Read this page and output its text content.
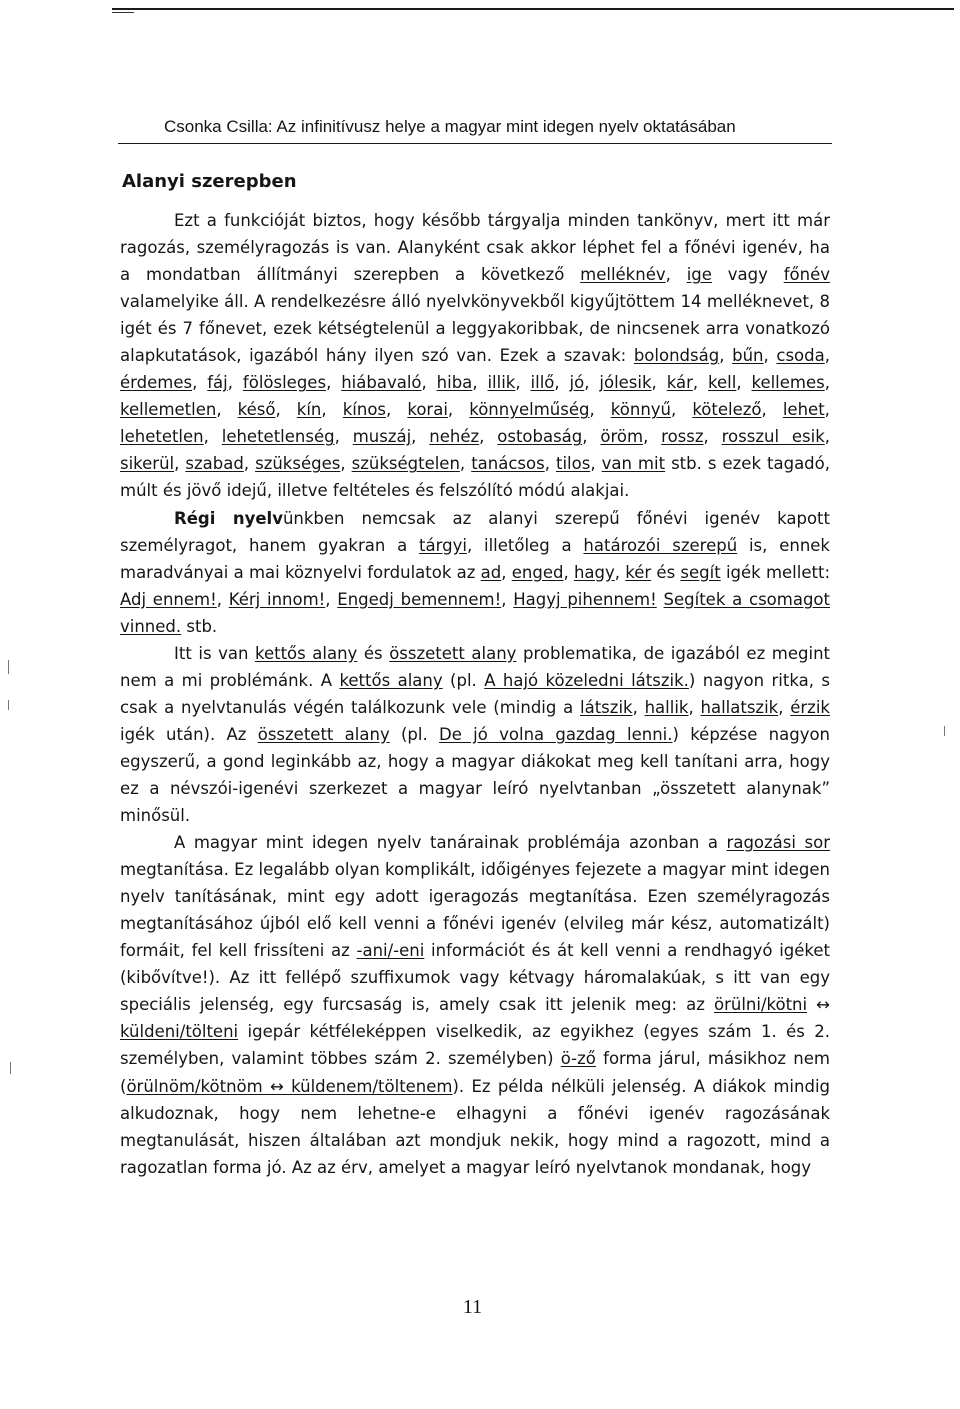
Csonka Csilla: Az infinitívusz helye a magyar mint idegen nyelv oktatásában
Alanyi szerepben

Ezt a funkcióját biztos, hogy később tárgyalja minden tankönyv, mert itt már ragozás, személyragozás is van. Alanyként csak akkor léphet fel a főnévi igenév, ha a mondatban állítmányi szerepben a következő melléknév, ige vagy főnév valamelyike áll. A rendelkezésre álló nyelvkönyvekből kigyűjtöttem 14 melléknevet, 8 igét és 7 főnevet, ezek kétségtelenül a leggyakoribbak, de nincsenek arra vonatkozó alapkutatások, igazából hány ilyen szó van. Ezek a szavak: bolondság, bűn, csoda, érdemes, fáj, fölösleges, hiábavaló, hiba, illik, illő, jó, jólesik, kár, kell, kellemes, kellemetlen, késő, kín, kínos, korai, könnyelműség, könnyű, kötelező, lehet, lehetetlen, lehetetlenség, muszáj, nehéz, ostobaság, öröm, rossz, rosszul esik, sikerül, szabad, szükséges, szükségtelen, tanácsos, tilos, van mit stb. s ezek tagadó, múlt és jövő idejű, illetve feltételes és felszólító módú alakjai.

Régi nyelvünkben nemcsak az alanyi szerepű főnévi igenév kapott személyragot, hanem gyakran a tárgyi, illetőleg a határozói szerepű is, ennek maradványai a mai köznyelvi fordulatok az ad, enged, hagy, kér és segít igék mellett: Adj ennem!, Kérj innom!, Engedj bemennem!, Hagyj pihennem! Segítek a csomagot vinned. stb.

Itt is van kettős alany és összetett alany problematika, de igazából ez megint nem a mi problémánk. A kettős alany (pl. A hajó közeledni látszik.) nagyon ritka, s csak a nyelvtanulás végén találkozunk vele (mindig a látszik, hallik, hallatszik, érzik igék után). Az összetett alany (pl. De jó volna gazdag lenni.) képzése nagyon egyszerű, a gond leginkább az, hogy a magyar diákokat meg kell tanítani arra, hogy ez a névszói-igenévi szerkezet a magyar leíró nyelvtanban „összetett alanynak” minősül.

A magyar mint idegen nyelv tanárainak problémája azonban a ragozási sor megtanítása. Ez legalább olyan komplikált, időigényes fejezete a magyar mint idegen nyelv tanításának, mint egy adott igeragozás megtanítása. Ezen személyragozás megtanításához újból elő kell venni a főnévi igenév (elvileg már kész, automatizált) formáit, fel kell frissíteni az -ani/-eni információt és át kell venni a rendhagyó igéket (kibővítve!). Az itt fellépő szuffixumok vagy kétvagy háromalakúak, s itt van egy speciális jelenség, egy furcsaság is, amely csak itt jelenik meg: az örülni/kötni ↔ küldeni/tölteni igepár kétféleképpen viselkedik, az egyikhez (egyes szám 1. és 2. személyben, valamint többes szám 2. személyben) ö-ző forma járul, másikhoz nem (örülnöm/kötnöm ↔ küldenem/töltenem). Ez példa nélküli jelenség. A diákok mindig alkudoznak, hogy nem lehetne-e elhagyni a főnévi igenév ragozásának megtanulását, hiszen általában azt mondjuk nekik, hogy mind a ragozott, mind a ragozatlan forma jó. Az az érv, amelyet a magyar leíró nyelvtanok mondanak, hogy

11
